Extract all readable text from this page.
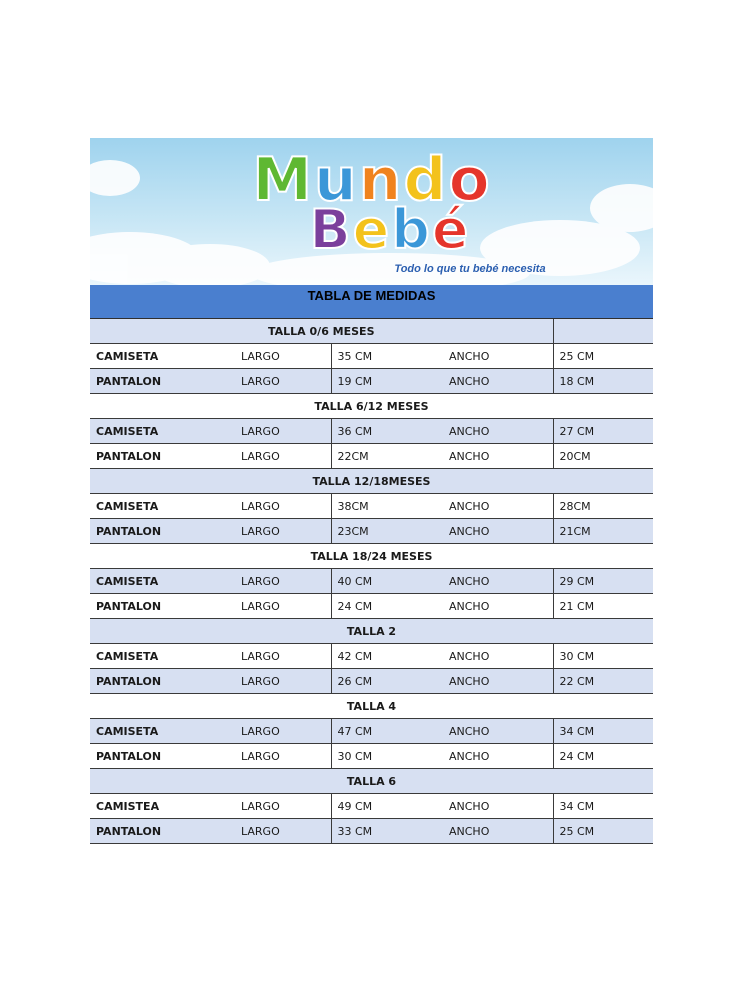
Mundo
Bebé
Todo lo que tu bebé necesita
TABLA DE MEDIDAS
TALLA 0/6 MESES				
CAMISETA	LARGO	35 CM	ANCHO	25 CM
PANTALON	LARGO	19 CM	ANCHO	18 CM
TALLA 6/12 MESES				
CAMISETA	LARGO	36 CM	ANCHO	27 CM
PANTALON	LARGO	22CM	ANCHO	20CM
TALLA 12/18MESES				
CAMISETA	LARGO	38CM	ANCHO	28CM
PANTALON	LARGO	23CM	ANCHO	21CM
TALLA 18/24 MESES				
CAMISETA	LARGO	40 CM	ANCHO	29 CM
PANTALON	LARGO	24 CM	ANCHO	21 CM
TALLA 2				
CAMISETA	LARGO	42 CM	ANCHO	30 CM
PANTALON	LARGO	26 CM	ANCHO	22 CM
TALLA 4				
CAMISETA	LARGO	47 CM	ANCHO	34 CM
PANTALON	LARGO	30 CM	ANCHO	24 CM
TALLA 6				
CAMISTEA	LARGO	49 CM	ANCHO	34 CM
PANTALON	LARGO	33 CM	ANCHO	25 CM
